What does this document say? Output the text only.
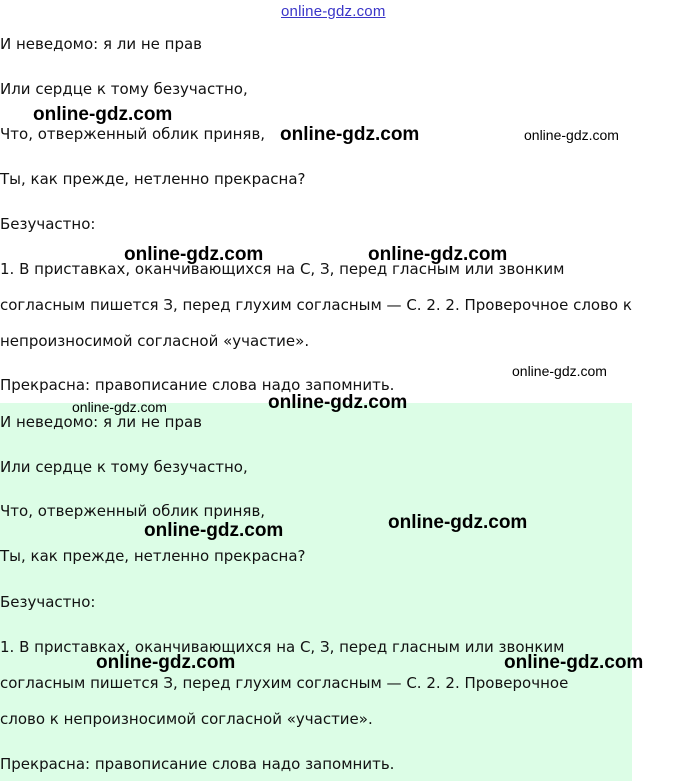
online-gdz.com
И неведомо: я ли не прав
Или сердце к тому безучастно,
Что, отверженный облик приняв,
Ты, как прежде, нетленно прекрасна?
Безучастно:
1. В приставках, оканчивающихся на С, З, перед гласным или звонким
согласным пишется З, перед глухим согласным — С. 2. 2. Проверочное слово к
непроизносимой согласной «участие».
Прекрасна: правописание слова надо запомнить.
И неведомо: я ли не прав
Или сердце к тому безучастно,
Что, отверженный облик приняв,
Ты, как прежде, нетленно прекрасна?
Безучастно:
1. В приставках, оканчивающихся на С, З, перед гласным или звонким
согласным пишется З, перед глухим согласным — С. 2. 2. Проверочное
слово к непроизносимой согласной «участие».
Прекрасна: правописание слова надо запомнить.
online-gdz.com
online-gdz.com	online-gdz.com
online-gdz.com	online-gdz.com
online-gdz.com
online-gdz.com
online-gdz.com
online-gdz.com
online-gdz.com
online-gdz.com	online-gdz.com
